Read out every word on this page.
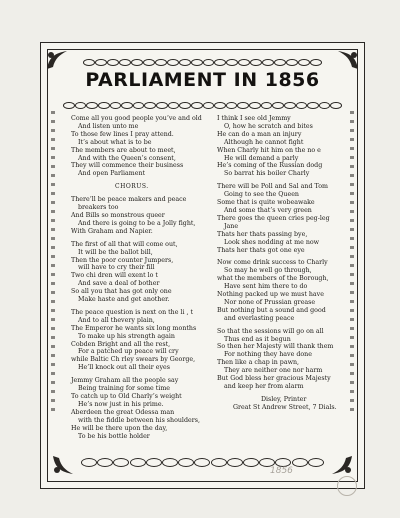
PARLIAMENT IN 1856
Come all you good people you’ve and old
And listen unto me
To those few lines I pray attend.
It’s about what is to be
The members are about to meet,
And with the Queen’s consent,
They will commence their business
And open Parliament
CHORUS.
There’ll be peace makers and peace
breakers too
And Bills so monstrous queer
And there is going to be a Jolly fight,
With Graham and Napier.
The first of all that will come out,
It will be the ballot bill,
Then the poor counter Jumpers,
will have to cry their fill
Two chi dren will exent lo t
And save a deal of bother
So all you that has got only one
Make haste and get another.
The peace question is next on the li , t
And to all thevery plain,
The Emperor he wants six long months
To make up his strength again
Cobden Bright and all the rest,
For a patched up peace will cry
while Baltic Ch rley swears by George,
He’ll knock out all their eyes
Jemmy Graham all the people say
Being training for some time
To catch up to Old Charly’s weight
He’s now just in his prime.
Aberdeen the great Odessa man
with the fiddle between his shoulders,
He will be there upon the day,
To be his bottle holder
I think I see old Jemmy
O, how he scratch and bites
He can do a man an injury
Although he cannot fight
When Charly hit him on the no e
He will demand a parly
He’s coming of the Russian dodg
So barrat his boiler Charly
There will be Poll and Sal and Tom
Going to see the Queen
Some that is quite wobeawake
And some that’s very green
There goes the queen cries peg-leg
Jane
Thats her thats passing bye,
Look shes nodding at me now
Thats her thats got one eye
Now come drink success to Charly
So may he well go through,
what the members of the Borough,
Have sent him there to do
Nothing packed up we must have
Nor none of Prussian grease
But nothing but a sound and good
and everlasting peace
So that the sessions will go on all
Thus end as it begun
So then her Majesty will thank them
For nothing they have done
Then like a chap in pawn,
They are neither one nor harm
But God bless her gracious Majesty
and keep her from alarm
Disley, Printer
Great St Andrew Street, 7 Dials.
1856
